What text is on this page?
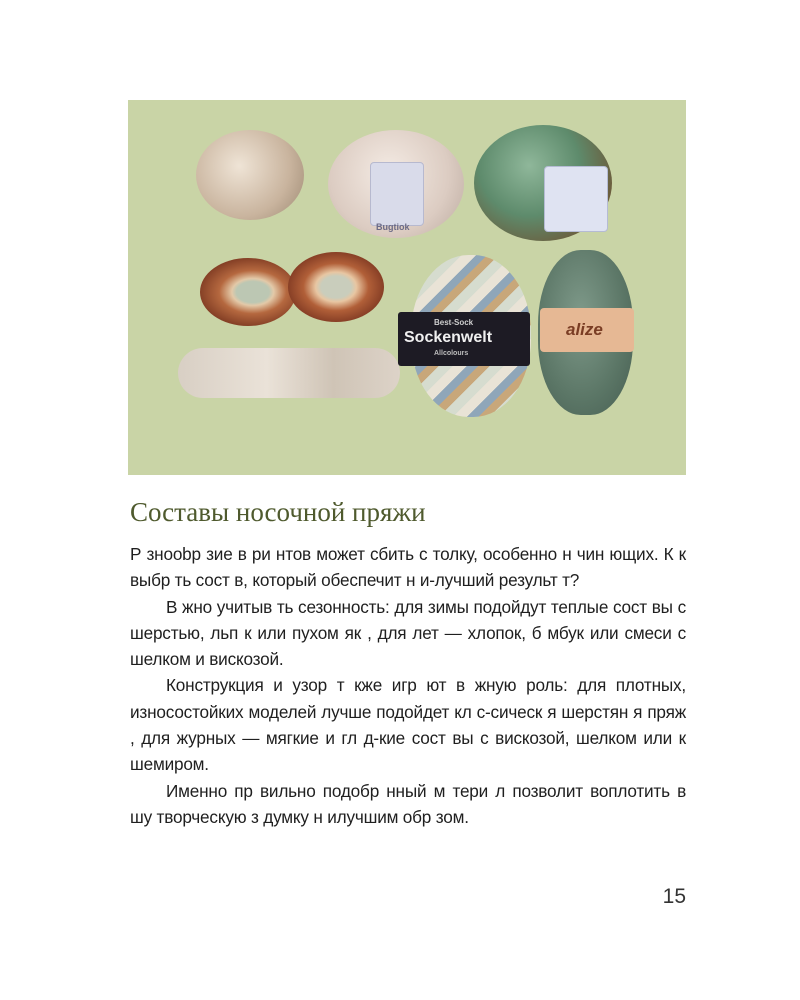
Bugtiok
Best-Sock
Socken​welt
Allcolours
alize
Составы носочной пряжи

Р зноobр зие в ри нтов может сбить с толку, особенно н чин ющих. К к выбр ть сост в, который обеспечит н и-лучший результ т?

В жно учитыв ть сезонность: для зимы подойдут теплые сост вы с шерстью, льп к или пухом як , для лет — хлопок, б мбук или смеси с шелком и вискозой.

Конструкция и узор т кже игр ют в жную роль: для плотных, износостойких моделей лучше подойдет кл с-сическ я шерстян я пряж , для журных — мягкие и гл д-кие сост вы с вискозой, шелком или к шемиром.

Именно пр вильно подобр нный м тери л позволит воплотить в шу творческую з думку н илучшим обр зом.

15
